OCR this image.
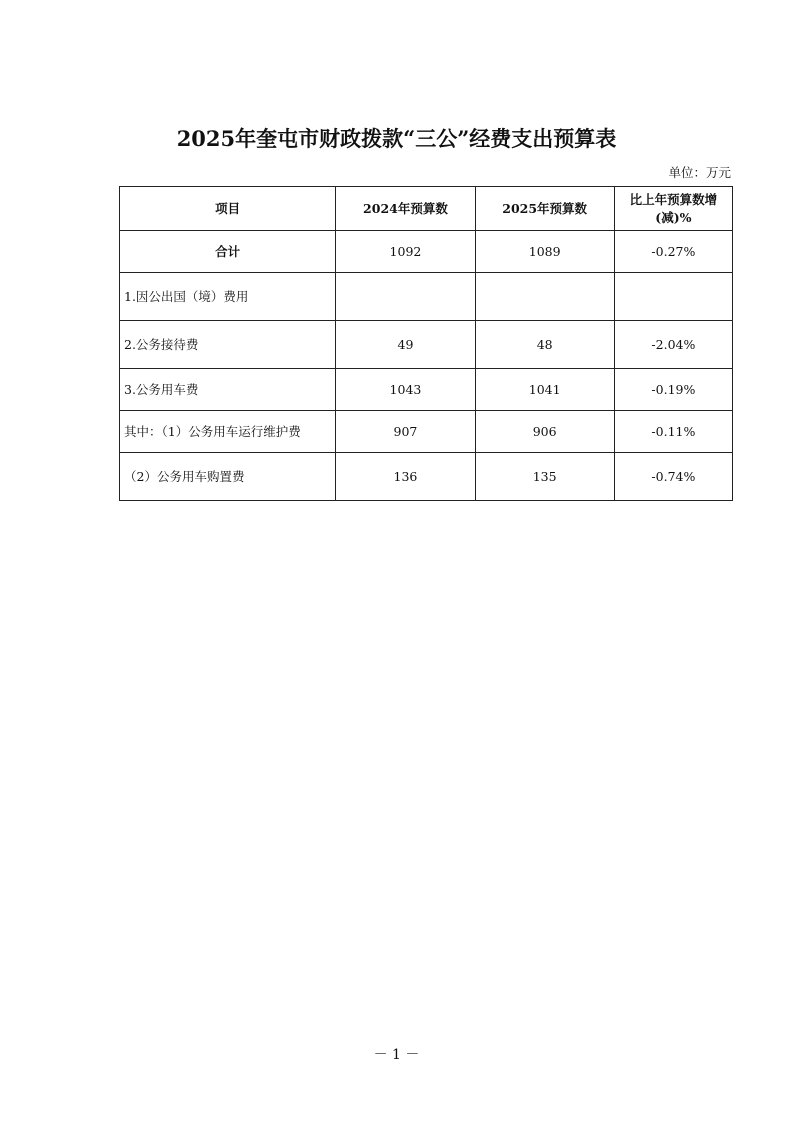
2025年奎屯市财政拨款“三公”经费支出预算表
单位：万元
项目	2024年预算数	2025年预算数	比上年预算数增(减)%
合计	1092	1089	-0.27%
1.因公出国（境）费用			
2.公务接待费	49	48	-2.04%
3.公务用车费	1043	1041	-0.19%
其中：（1）公务用车运行维护费	907	906	-0.11%
（2）公务用车购置费	136	135	-0.74%
－ 1 －
